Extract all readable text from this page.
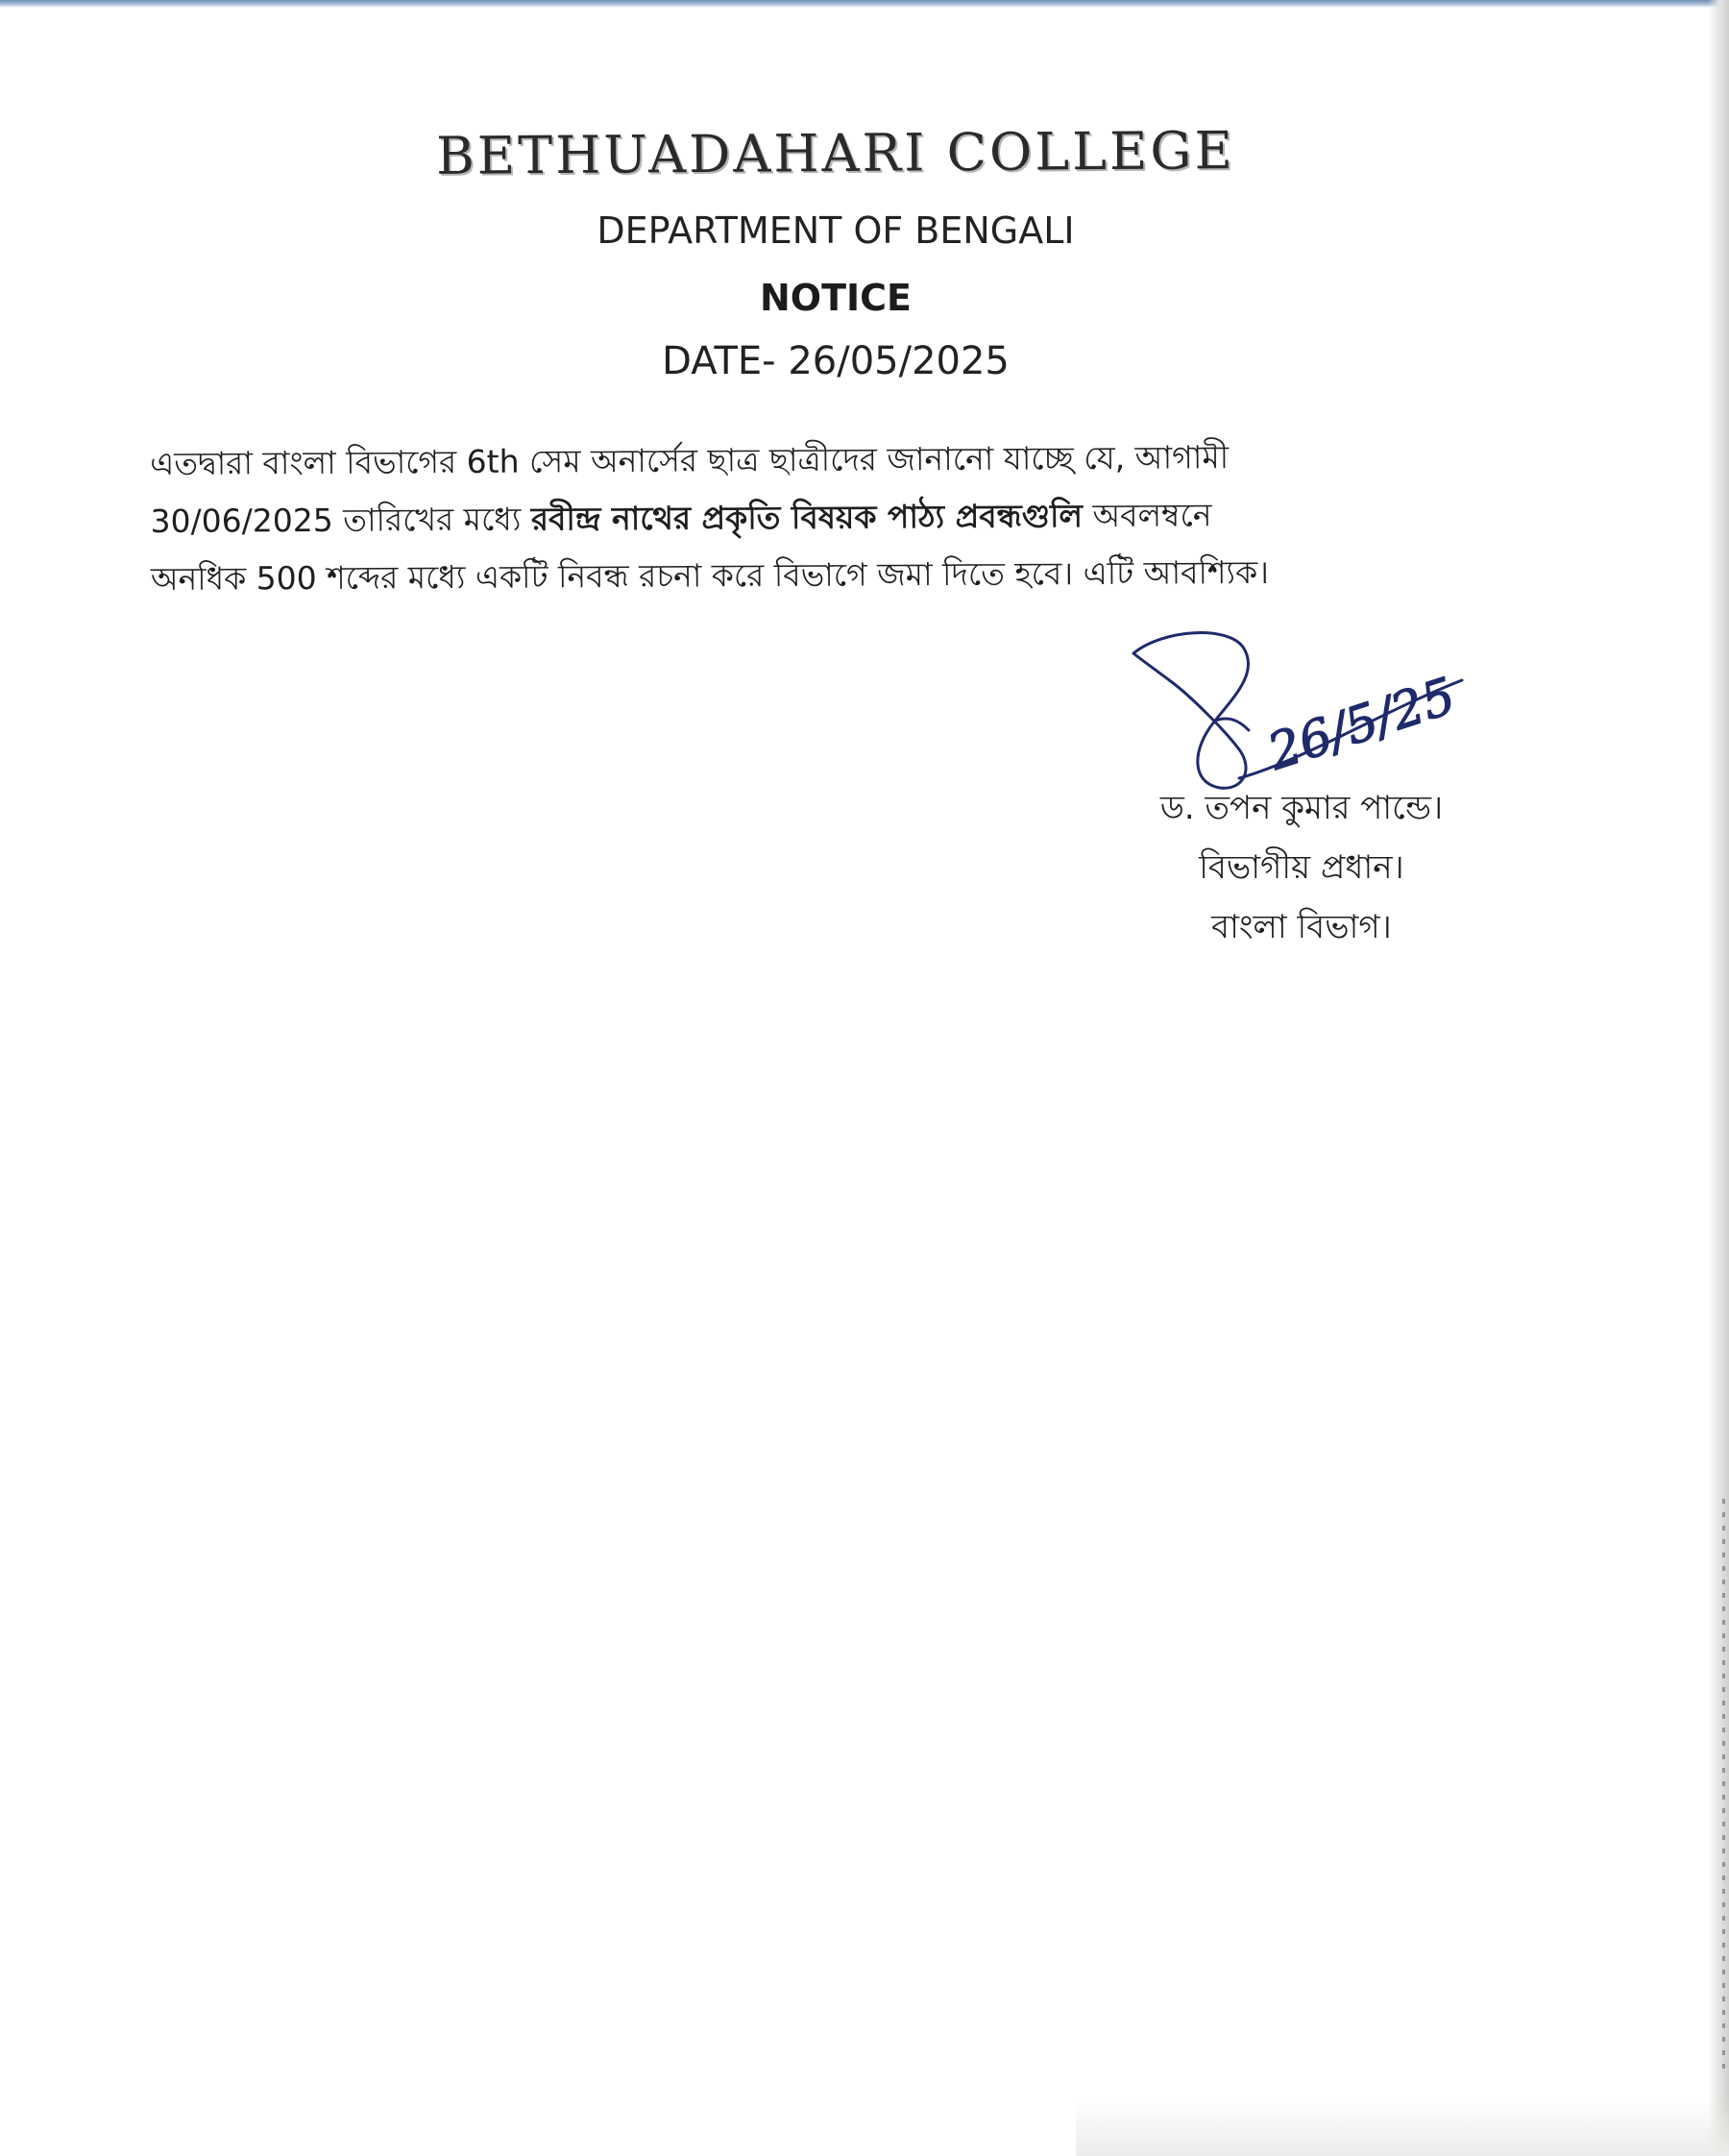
BETHUADAHARI COLLEGE
DEPARTMENT OF BENGALI
NOTICE
DATE- 26/05/2025
এতদ্বারা বাংলা বিভাগের 6th সেম অনার্সের ছাত্র ছাত্রীদের জানানো যাচ্ছে যে, আগামী
30/06/2025 তারিখের মধ্যে রবীন্দ্র নাথের প্রকৃতি বিষয়ক পাঠ্য প্রবন্ধগুলি অবলম্বনে
অনধিক 500 শব্দের মধ্যে একটি নিবন্ধ রচনা করে বিভাগে জমা দিতে হবে। এটি আবশ্যিক।
26/5/25
ড. তপন কুমার পান্ডে।
বিভাগীয় প্রধান।
বাংলা বিভাগ।
